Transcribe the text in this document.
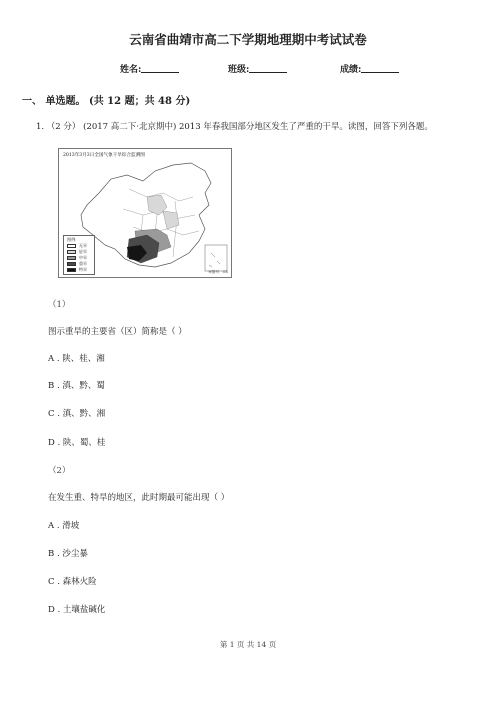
云南省曲靖市高二下学期地理期中考试试卷
姓名:	班级:	成绩:
一、 单选题。 (共 12 题；共 48 分)
1. （2 分） (2017 高二下·北京期中) 2013 年春我国部分地区发生了严重的干旱。读图，回答下列各题。
2013年3月3日全国气象干旱综合监测图
图例
无旱
轻旱
中旱
重旱
特旱	审图号：GS
（1）
图示重旱的主要省（区）简称是（ ）
A . 陕、桂、湘
B . 滇、黔、蜀
C . 滇、黔、湘
D . 陕、蜀、桂
（2）
在发生重、特旱的地区，此时期最可能出现（ ）
A . 滑坡
B . 沙尘暴
C . 森林火险
D . 土壤盐碱化
第 1 页 共 14 页
